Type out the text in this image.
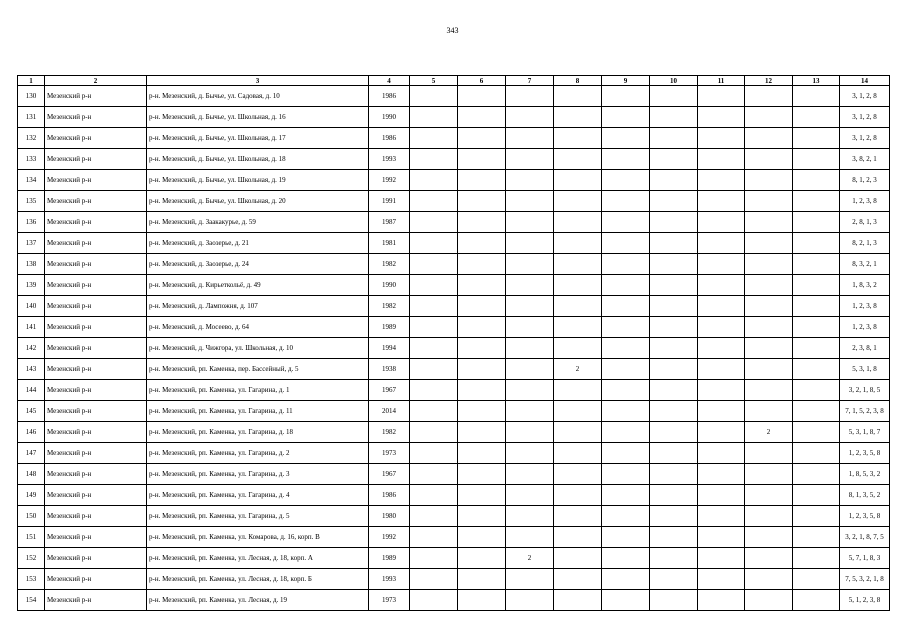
343
1	2	3	4	5	6	7	8	9	10	11	12	13	14
130	Мезенский р-н	р-н. Мезенский, д. Бычье, ул. Садовая, д. 10	1986										3, 1, 2, 8
131	Мезенский р-н	р-н. Мезенский, д. Бычье, ул. Школьная, д. 16	1990										3, 1, 2, 8
132	Мезенский р-н	р-н. Мезенский, д. Бычье, ул. Школьная, д. 17	1986										3, 1, 2, 8
133	Мезенский р-н	р-н. Мезенский, д. Бычье, ул. Школьная, д. 18	1993										3, 8, 2, 1
134	Мезенский р-н	р-н. Мезенский, д. Бычье, ул. Школьная, д. 19	1992										8, 1, 2, 3
135	Мезенский р-н	р-н. Мезенский, д. Бычье, ул. Школьная, д. 20	1991										1, 2, 3, 8
136	Мезенский р-н	р-н. Мезенский, д. Заакакурье, д. 59	1987										2, 8, 1, 3
137	Мезенский р-н	р-н. Мезенский, д. Заозерье, д. 21	1981										8, 2, 1, 3
138	Мезенский р-н	р-н. Мезенский, д. Заозерье, д. 24	1982										8, 3, 2, 1
139	Мезенский р-н	р-н. Мезенский, д. Кирьеткольё, д. 49	1990										1, 8, 3, 2
140	Мезенский р-н	р-н. Мезенский, д. Лампожня, д. 107	1982										1, 2, 3, 8
141	Мезенский р-н	р-н. Мезенский, д. Мосеево, д. 64	1989										1, 2, 3, 8
142	Мезенский р-н	р-н. Мезенский, д. Чижгора, ул. Школьная, д. 10	1994										2, 3, 8, 1
143	Мезенский р-н	р-н. Мезенский, рп. Каменка, пер. Бассейный, д. 5	1938				2						5, 3, 1, 8
144	Мезенский р-н	р-н. Мезенский, рп. Каменка, ул. Гагарина, д. 1	1967										3, 2, 1, 8, 5
145	Мезенский р-н	р-н. Мезенский, рп. Каменка, ул. Гагарина, д. 11	2014										7, 1, 5, 2, 3, 8
146	Мезенский р-н	р-н. Мезенский, рп. Каменка, ул. Гагарина, д. 18	1982								2		5, 3, 1, 8, 7
147	Мезенский р-н	р-н. Мезенский, рп. Каменка, ул. Гагарина, д. 2	1973										1, 2, 3, 5, 8
148	Мезенский р-н	р-н. Мезенский, рп. Каменка, ул. Гагарина, д. 3	1967										1, 8, 5, 3, 2
149	Мезенский р-н	р-н. Мезенский, рп. Каменка, ул. Гагарина, д. 4	1986										8, 1, 3, 5, 2
150	Мезенский р-н	р-н. Мезенский, рп. Каменка, ул. Гагарина, д. 5	1980										1, 2, 3, 5, 8
151	Мезенский р-н	р-н. Мезенский, рп. Каменка, ул. Комарова, д. 16, корп. В	1992										3, 2, 1, 8, 7, 5
152	Мезенский р-н	р-н. Мезенский, рп. Каменка, ул. Лесная, д. 18, корп. А	1989			2							5, 7, 1, 8, 3
153	Мезенский р-н	р-н. Мезенский, рп. Каменка, ул. Лесная, д. 18, корп. Б	1993										7, 5, 3, 2, 1, 8
154	Мезенский р-н	р-н. Мезенский, рп. Каменка, ул. Лесная, д. 19	1973										5, 1, 2, 3, 8
